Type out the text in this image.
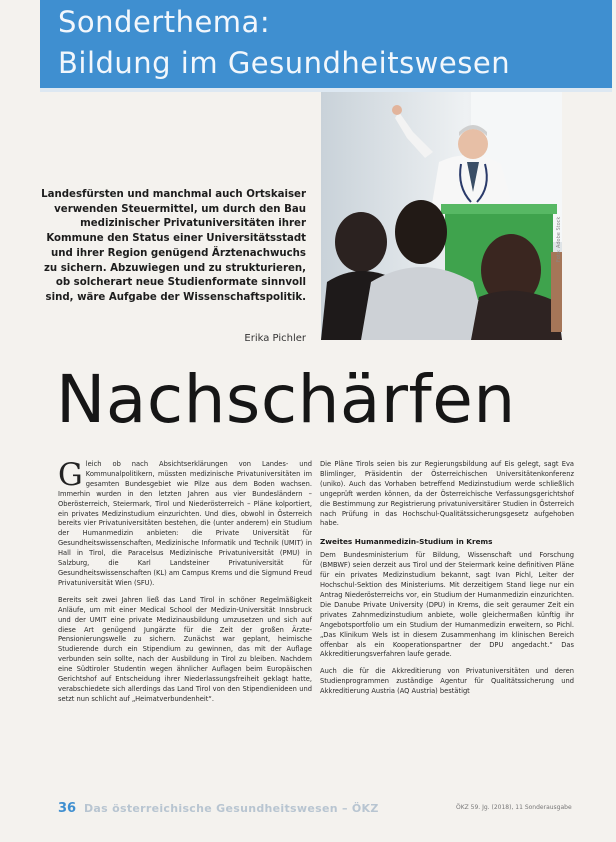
Sonderthema:
Bildung im Gesundheitswesen
Foto: Adobe Stock
Landesfürsten und manchmal auch Ortskaiser verwenden Steuermittel, um durch den Bau medizinischer Privatuniversitäten ihrer Kommune den Status einer Universitätsstadt und ihrer Region genügend Ärztenachwuchs zu sichern. Abzuwiegen und zu strukturieren, ob solcherart neue Studienformate sinnvoll sind, wäre Aufgabe der Wissenschaftspolitik.
Erika Pichler
Nachschärfen

Gleich ob nach Absichtserklärungen von Landes- und Kommunalpolitikern, müssten medizinische Privatuniversitäten im gesamten Bundesgebiet wie Pilze aus dem Boden wachsen. Immerhin wurden in den letzten Jahren aus vier Bundesländern – Oberösterreich, Steiermark, Tirol und Niederösterreich – Pläne kolportiert, ein privates Medizinstudium einzurichten. Und dies, obwohl in Österreich bereits vier Privatuniversitäten bestehen, die (unter anderem) ein Studium der Humanmedizin anbieten: die Private Universität für Gesundheitswissenschaften, Medizinische Informatik und Technik (UMIT) in Hall in Tirol, die Paracelsus Medizinische Privatuniversität (PMU) in Salzburg, die Karl Landsteiner Privatuniversität für Gesundheitswissenschaften (KL) am Campus Krems und die Sigmund Freud Privatuniversität Wien (SFU).

Bereits seit zwei Jahren ließ das Land Tirol in schöner Regelmäßigkeit Anläufe, um mit einer Medical School der Medizin-Universität Innsbruck und der UMIT eine private Medizinausbildung umzusetzen und sich auf diese Art genügend Jungärzte für die Zeit der großen Ärzte-Pensionierungswelle zu sichern. Zunächst war geplant, heimische Studierende durch ein Stipendium zu gewinnen, das mit der Auflage verbunden sein sollte, nach der Ausbildung in Tirol zu bleiben. Nachdem eine Südtiroler Studentin wegen ähnlicher Auflagen beim Europäischen Gerichtshof auf Entscheidung ihrer Niederlassungsfreiheit geklagt hatte, verabschiedete sich allerdings das Land Tirol von den Stipendienideen und setzt nun schlicht auf „Heimatverbundenheit“.

Die Pläne Tirols seien bis zur Regierungsbildung auf Eis gelegt, sagt Eva Blimlinger, Präsidentin der Österreichischen Universitätenkonferenz (uniko). Auch das Vorhaben betreffend Medizinstudium werde schließlich ungeprüft werden können, da der Österreichische Verfassungsgerichtshof die Bestimmung zur Registrierung privatuniversitärer Studien in Österreich nach Prüfung in das Hochschul-Qualitätssicherungsgesetz aufgehoben habe.

Zweites Humanmedizin-Studium in Krems

Dem Bundesministerium für Bildung, Wissenschaft und Forschung (BMBWF) seien derzeit aus Tirol und der Steiermark keine definitiven Pläne für ein privates Medizinstudium bekannt, sagt Ivan Pichl, Leiter der Hochschul-Sektion des Ministeriums. Mit derzeitigem Stand liege nur ein Antrag Niederösterreichs vor, ein Studium der Humanmedizin einzurichten. Die Danube Private University (DPU) in Krems, die seit geraumer Zeit ein privates Zahnmedizinstudium anbiete, wolle gleichermaßen künftig ihr Angebotsportfolio um ein Studium der Humanmedizin erweitern, so Pichl. „Das Klinikum Wels ist in diesem Zusammenhang im klinischen Bereich offenbar als ein Kooperationspartner der DPU angedacht.“ Das Akkreditierungsverfahren laufe gerade.

Auch die für die Akkreditierung von Privatuniversitäten und deren Studienprogrammen zuständige Agentur für Qualitätssicherung und Akkreditierung Austria (AQ Austria) bestätigt

36 Das österreichische Gesundheitswesen – ÖKZ	ÖKZ 59. Jg. (2018), 11 Sonderausgabe
